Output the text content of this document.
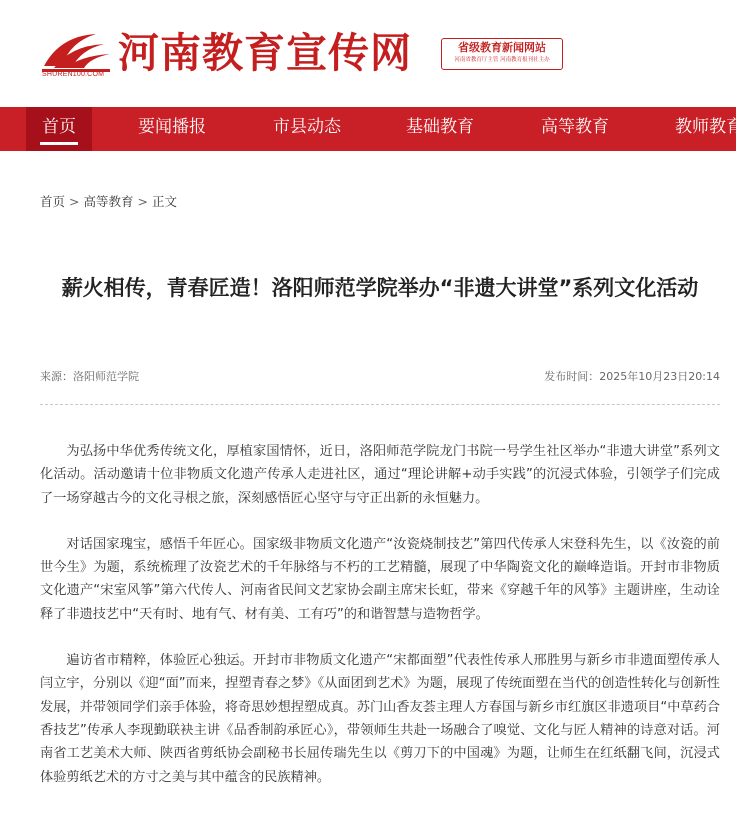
SHUREN100.COM 河南教育宣传网	省级教育新闻网站
河南省教育厅主管 河南教育报刊社主办
首页	要闻播报	市县动态	基础教育	高等教育	教师教育
首页 > 高等教育 > 正文
薪火相传，青春匠造！洛阳师范学院举办“非遗大讲堂”系列文化活动
来源：洛阳师范学院	发布时间：2025年10月23日20:14

为弘扬中华优秀传统文化，厚植家国情怀，近日，洛阳师范学院龙门书院一号学生社区举办“非遗大讲堂”系列文化活动。活动邀请十位非物质文化遗产传承人走进社区，通过“理论讲解+动手实践”的沉浸式体验，引领学子们完成了一场穿越古今的文化寻根之旅，深刻感悟匠心坚守与守正出新的永恒魅力。

对话国家瑰宝，感悟千年匠心。国家级非物质文化遗产“汝瓷烧制技艺”第四代传承人宋登科先生，以《汝瓷的前世今生》为题，系统梳理了汝瓷艺术的千年脉络与不朽的工艺精髓，展现了中华陶瓷文化的巅峰造诣。开封市非物质文化遗产“宋室风筝”第六代传人、河南省民间文艺家协会副主席宋长虹，带来《穿越千年的风筝》主题讲座，生动诠释了非遗技艺中“天有时、地有气、材有美、工有巧”的和谐智慧与造物哲学。

遍访省市精粹，体验匠心独运。开封市非物质文化遗产“宋都面塑”代表性传承人邢胜男与新乡市非遗面塑传承人闫立宇，分别以《迎“面”而来，捏塑青春之梦》《从面团到艺术》为题，展现了传统面塑在当代的创造性转化与创新性发展，并带领同学们亲手体验，将奇思妙想捏塑成真。苏门山香友荟主理人方春国与新乡市红旗区非遗项目“中草药合香技艺”传承人李现勤联袂主讲《品香制韵承匠心》，带领师生共赴一场融合了嗅觉、文化与匠人精神的诗意对话。河南省工艺美术大师、陕西省剪纸协会副秘书长屈传瑞先生以《剪刀下的中国魂》为题，让师生在红纸翻飞间，沉浸式体验剪纸艺术的方寸之美与其中蕴含的民族精神。
